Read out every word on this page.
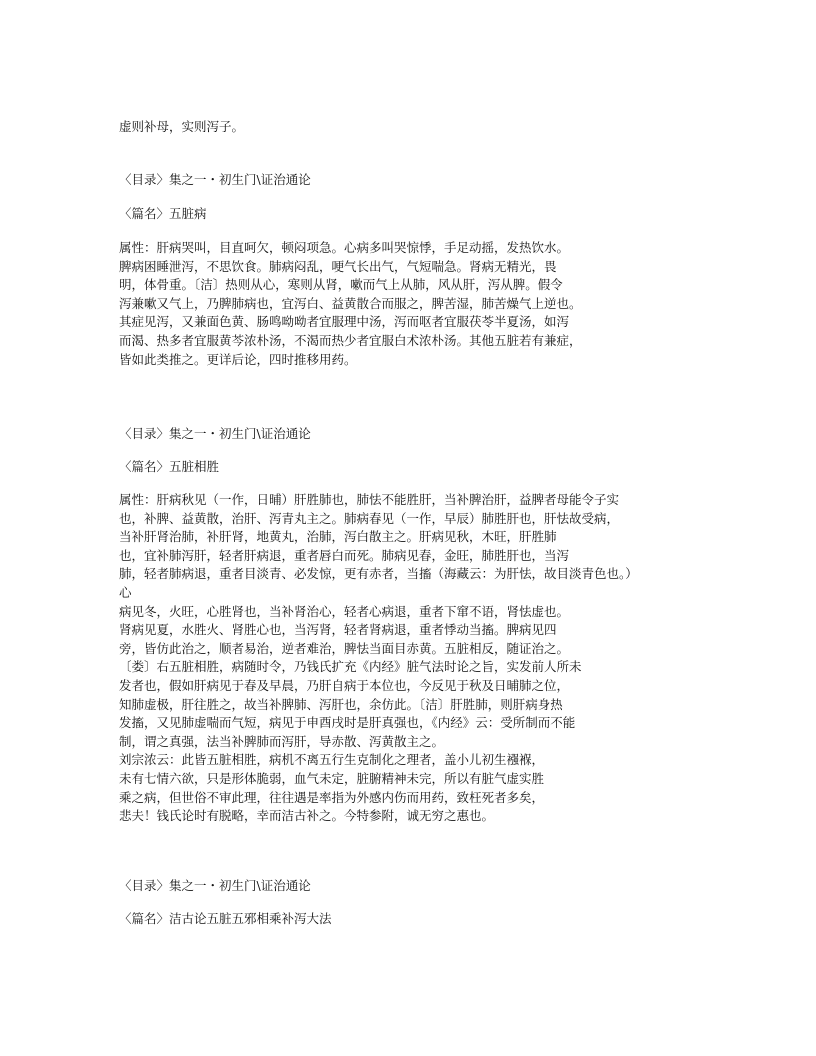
虚则补母，实则泻子。
〈目录〉集之一・初生门\证治通论
〈篇名〉五脏病
属性：肝病哭叫，目直呵欠，顿闷项急。心病多叫哭惊悸，手足动摇，发热饮水。
脾病困睡泄泻，不思饮食。肺病闷乱，哽气长出气，气短喘急。肾病无精光，畏
明，体骨重。〔洁〕热则从心，寒则从肾，嗽而气上从肺，风从肝，泻从脾。假令
泻兼嗽又气上，乃脾肺病也，宜泻白、益黄散合而服之，脾苦湿，肺苦燥气上逆也。
其症见泻，又兼面色黄、肠鸣呦呦者宜服理中汤，泻而呕者宜服茯苓半夏汤，如泻
而渴、热多者宜服黄芩浓朴汤，不渴而热少者宜服白术浓朴汤。其他五脏若有兼症，
皆如此类推之。更详后论，四时推移用药。
〈目录〉集之一・初生门\证治通论
〈篇名〉五脏相胜
属性：肝病秋见（一作，日晡）肝胜肺也，肺怯不能胜肝，当补脾治肝，益脾者母能令子实
也，补脾、益黄散，治肝、泻青丸主之。肺病春见（一作，早辰）肺胜肝也，肝怯故受病，
当补肝肾治肺，补肝肾，地黄丸，治肺，泻白散主之。肝病见秋，木旺，肝胜肺
也，宜补肺泻肝，轻者肝病退，重者唇白而死。肺病见春，金旺，肺胜肝也，当泻
肺，轻者肺病退，重者目淡青、必发惊，更有赤者，当搐（海藏云：为肝怯，故目淡青色也。）
心
病见冬，火旺，心胜肾也，当补肾治心，轻者心病退，重者下窜不语，肾怯虚也。
肾病见夏，水胜火、肾胜心也，当泻肾，轻者肾病退，重者悸动当搐。脾病见四
旁，皆仿此治之，顺者易治，逆者难治，脾怯当面目赤黄。五脏相反，随证治之。
〔娄〕右五脏相胜，病随时令，乃钱氏扩充《内经》脏气法时论之旨，实发前人所未
发者也，假如肝病见于春及早晨，乃肝自病于本位也，今反见于秋及日晡肺之位，
知肺虚极，肝往胜之，故当补脾肺、泻肝也，余仿此。〔洁〕肝胜肺，则肝病身热
发搐，又见肺虚喘而气短，病见于申酉戌时是肝真强也，《内经》云：受所制而不能
制，谓之真强，法当补脾肺而泻肝，导赤散、泻黄散主之。
刘宗浓云：此皆五脏相胜，病机不离五行生克制化之理者，盖小儿初生襁褓，
未有七情六欲，只是形体脆弱，血气未定，脏腑精神未完，所以有脏气虚实胜
乘之病，但世俗不审此理，往往遇是率指为外感内伤而用药，致枉死者多矣，
悲夫！钱氏论时有脱略，幸而洁古补之。今特参附，诚无穷之惠也。
〈目录〉集之一・初生门\证治通论
〈篇名〉洁古论五脏五邪相乘补泻大法
